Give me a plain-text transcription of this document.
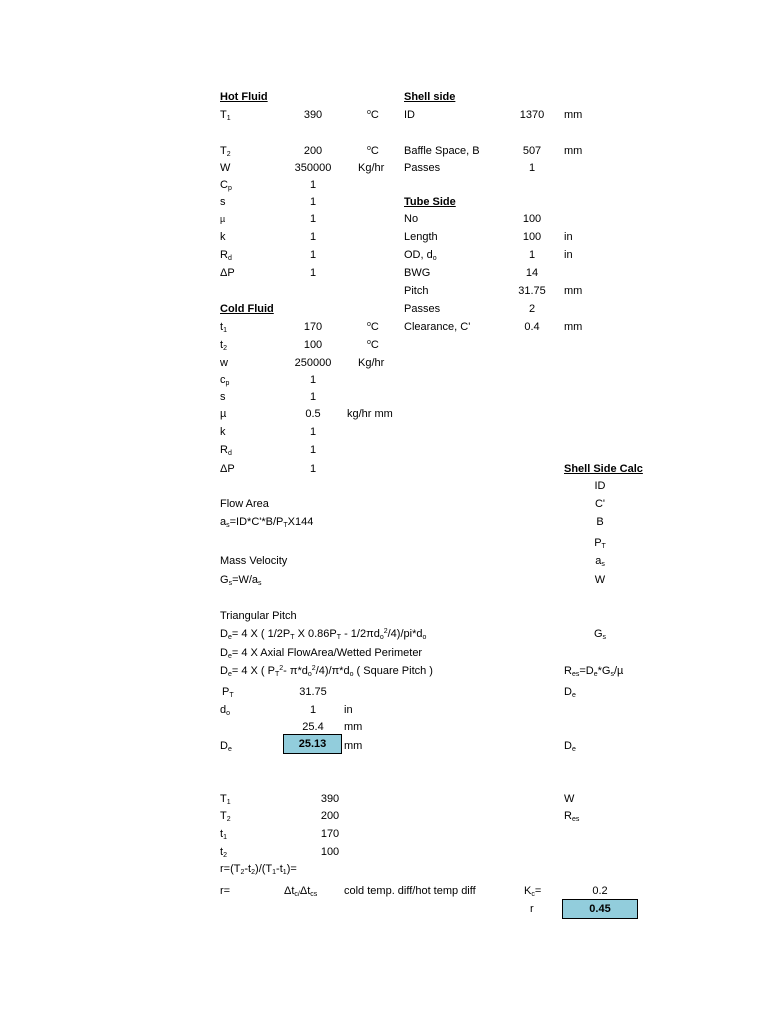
Hot Fluid
$T_1$	390	$^o$C
$T_2$	200	$^o$C
W	350000 Kg/hr
$C_p$	1
s	1
µ	1
k	1
$R_d$	1
ΔP	1
Shell side
ID	1370 mm
Baffle Space, B	507 mm
Passes	1
Tube Side
No	100
Length	100 in
OD, $d_o$	1	in
BWG	14
Pitch	31.75 mm
Passes	2
Clearance, C'	0.4 mm
Cold Fluid
$t_1$	170	$^o$C
$t_2$	100	$^o$C
w	250000 Kg/hr
$c_p$	1
s	1
µ	0.5 kg/hr mm
k	1
$R_d$	1
ΔP	1	Shell Side Calc
ID
C'
B
$P_T$
$a_s$
W
$G_s$
$R_{es}=D_e*G_s/\mu$
$D_e$
$D_e$
W
$R_{es}$
Flow Area
$a_s=ID*C'*B/P_TX144$
Mass Velocity
$G_s=W/a_s$
Triangular Pitch
$D_e= 4$ X ( $1/2P_T$ X $0.86P_T - 1/2\pi d_o^2/4)/pi*d_o$
$D_e= 4$ X Axial FlowArea/Wetted Perimeter
$D_e= 4$ X ( $P_T^2-$ $\pi*d_o^2/4)/\pi*d_o$ ( Square Pitch )
$P_T$	31.75
$d_o$	1	in
25.4 mm
$D_e$	25.13	mm
$T_1$	390
$T_2$	200
$t_1$	170
$t_2$	100
$r=(T_2-t_2)/(T_1-t_1)=$
r=	$\Delta t_{c/}\Delta t_{cs}$ cold temp. diff/hot temp diff	$K_c=$	0.2
r	0.45
